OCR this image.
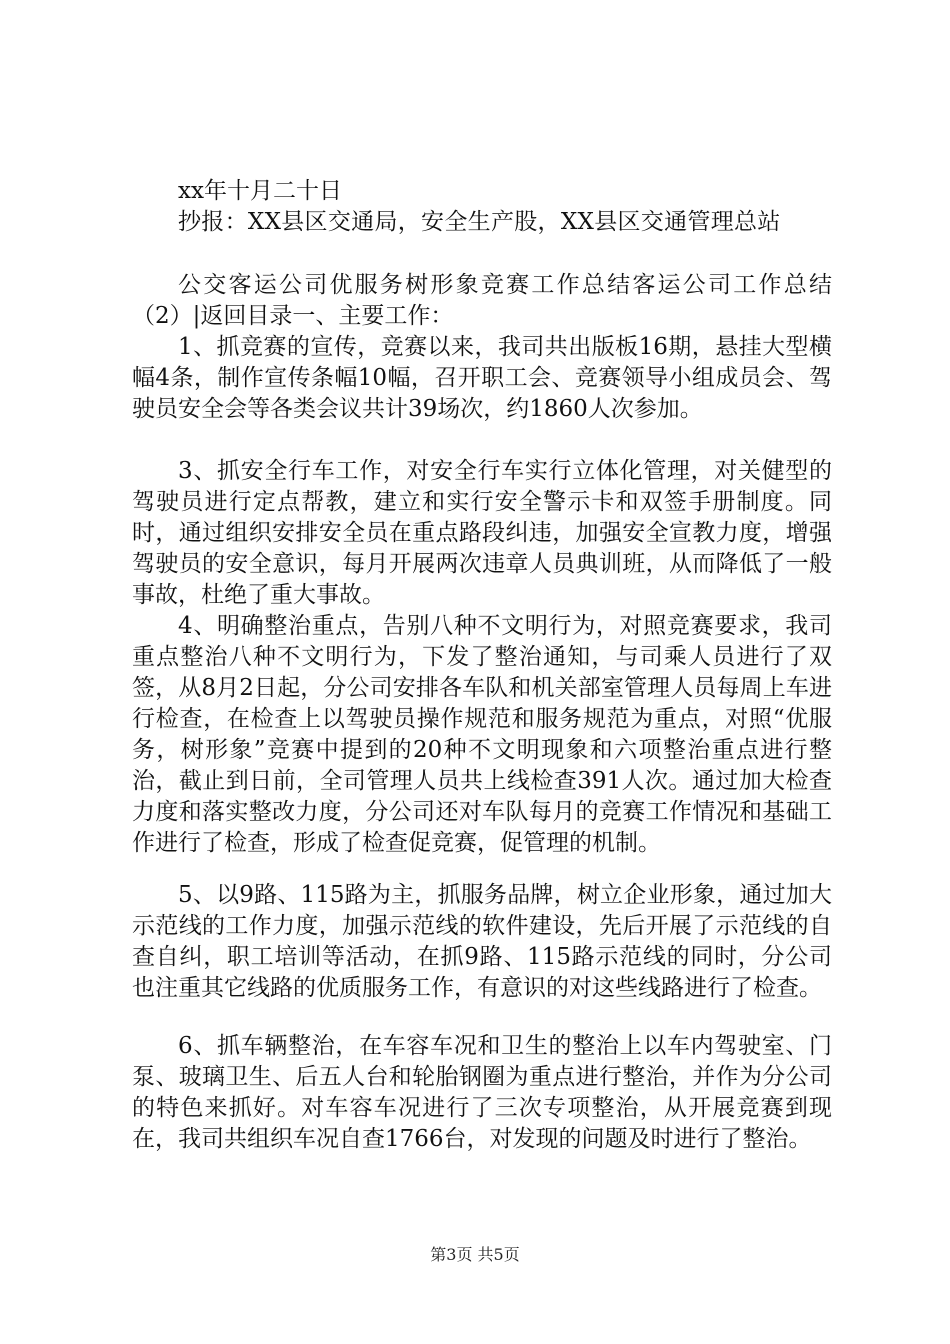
xx年十月二十日
抄报：XX县区交通局，安全生产股，XX县区交通管理总站

公交客运公司优服务树形象竞赛工作总结客运公司工作总结（2）|返回目录一、主要工作：

1、抓竞赛的宣传，竞赛以来，我司共出版板16期，悬挂大型横幅4条，制作宣传条幅10幅，召开职工会、竞赛领导小组成员会、驾驶员安全会等各类会议共计39场次，约1860人次参加。

3、抓安全行车工作，对安全行车实行立体化管理，对关健型的驾驶员进行定点帮教，建立和实行安全警示卡和双签手册制度。同时，通过组织安排安全员在重点路段纠违，加强安全宣教力度，增强驾驶员的安全意识，每月开展两次违章人员典训班，从而降低了一般事故，杜绝了重大事故。

4、明确整治重点，告别八种不文明行为，对照竞赛要求，我司重点整治八种不文明行为，下发了整治通知，与司乘人员进行了双签，从8月2日起，分公司安排各车队和机关部室管理人员每周上车进行检查，在检查上以驾驶员操作规范和服务规范为重点，对照“优服务，树形象”竞赛中提到的20种不文明现象和六项整治重点进行整治，截止到日前，全司管理人员共上线检查391人次。通过加大检查力度和落实整改力度，分公司还对车队每月的竞赛工作情况和基础工作进行了检查，形成了检查促竞赛，促管理的机制。

5、以9路、115路为主，抓服务品牌，树立企业形象，通过加大示范线的工作力度，加强示范线的软件建设，先后开展了示范线的自查自纠，职工培训等活动，在抓9路、115路示范线的同时，分公司也注重其它线路的优质服务工作，有意识的对这些线路进行了检查。

6、抓车辆整治，在车容车况和卫生的整治上以车内驾驶室、门泵、玻璃卫生、后五人台和轮胎钢圈为重点进行整治，并作为分公司的特色来抓好。对车容车况进行了三次专项整治，从开展竞赛到现在，我司共组织车况自查1766台，对发现的问题及时进行了整治。

第3页 共5页
